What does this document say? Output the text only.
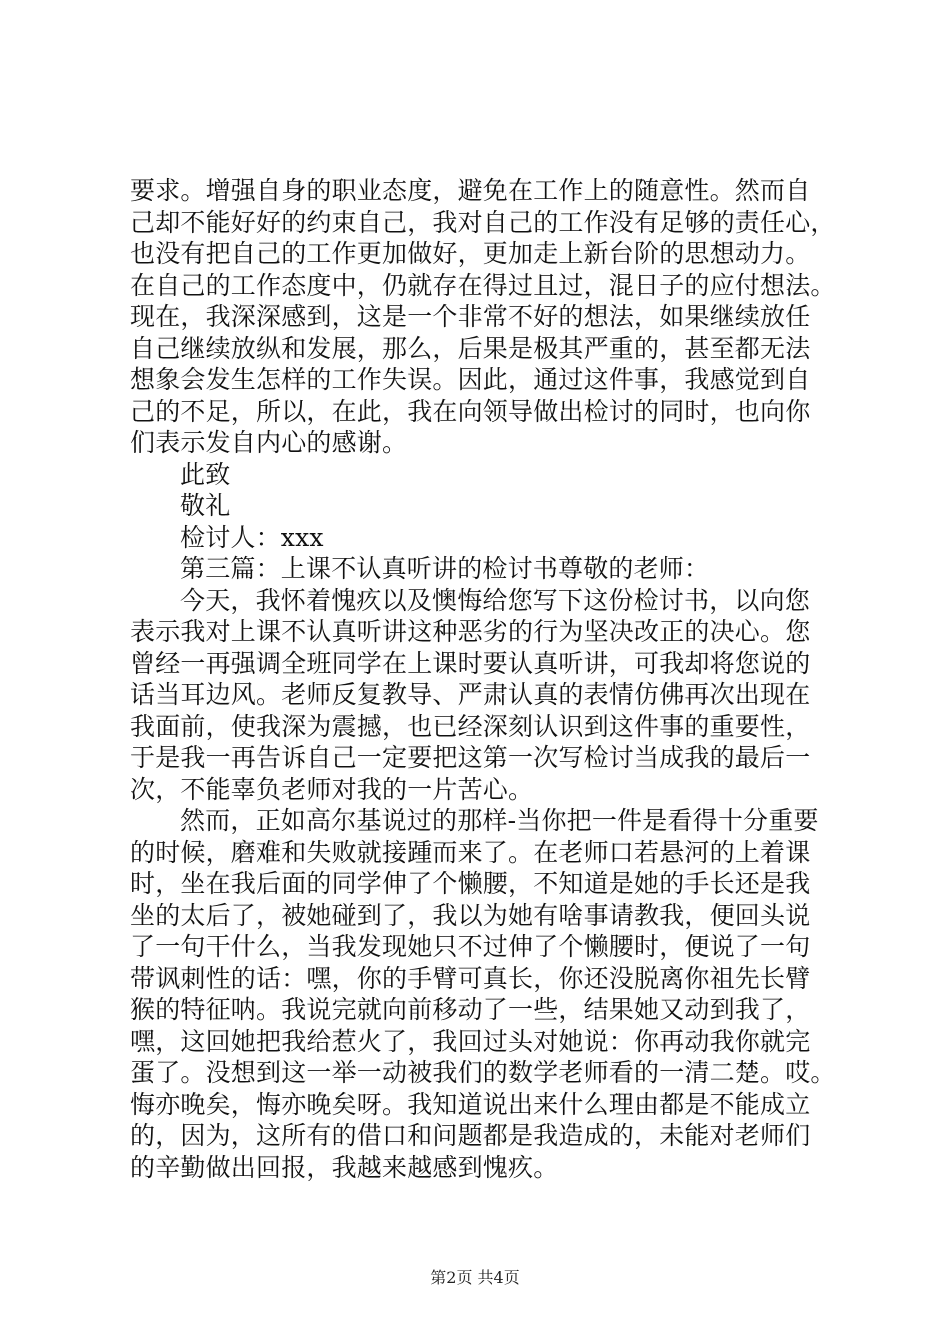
要求。增强自身的职业态度，避免在工作上的随意性。然而自
己却不能好好的约束自己，我对自己的工作没有足够的责任心，
也没有把自己的工作更加做好，更加走上新台阶的思想动力。
在自己的工作态度中，仍就存在得过且过，混日子的应付想法。
现在，我深深感到，这是一个非常不好的想法，如果继续放任
自己继续放纵和发展，那么，后果是极其严重的，甚至都无法
想象会发生怎样的工作失误。因此，通过这件事，我感觉到自
己的不足，所以，在此，我在向领导做出检讨的同时，也向你
们表示发自内心的感谢。
此致
敬礼
检讨人：xxx
第三篇：上课不认真听讲的检讨书尊敬的老师：
今天，我怀着愧疚以及懊悔给您写下这份检讨书，以向您
表示我对上课不认真听讲这种恶劣的行为坚决改正的决心。您
曾经一再强调全班同学在上课时要认真听讲，可我却将您说的
话当耳边风。老师反复教导、严肃认真的表情仿佛再次出现在
我面前，使我深为震撼，也已经深刻认识到这件事的重要性，
于是我一再告诉自己一定要把这第一次写检讨当成我的最后一
次，不能辜负老师对我的一片苦心。
然而，正如高尔基说过的那样-当你把一件是看得十分重要
的时候，磨难和失败就接踵而来了。在老师口若悬河的上着课
时，坐在我后面的同学伸了个懒腰，不知道是她的手长还是我
坐的太后了，被她碰到了，我以为她有啥事请教我，便回头说
了一句干什么，当我发现她只不过伸了个懒腰时，便说了一句
带讽刺性的话：嘿，你的手臂可真长，你还没脱离你祖先长臂
猴的特征呐。我说完就向前移动了一些，结果她又动到我了，
嘿，这回她把我给惹火了，我回过头对她说：你再动我你就完
蛋了。没想到这一举一动被我们的数学老师看的一清二楚。哎。
悔亦晚矣，悔亦晚矣呀。我知道说出来什么理由都是不能成立
的，因为，这所有的借口和问题都是我造成的，未能对老师们
的辛勤做出回报，我越来越感到愧疚。
第2页 共4页
